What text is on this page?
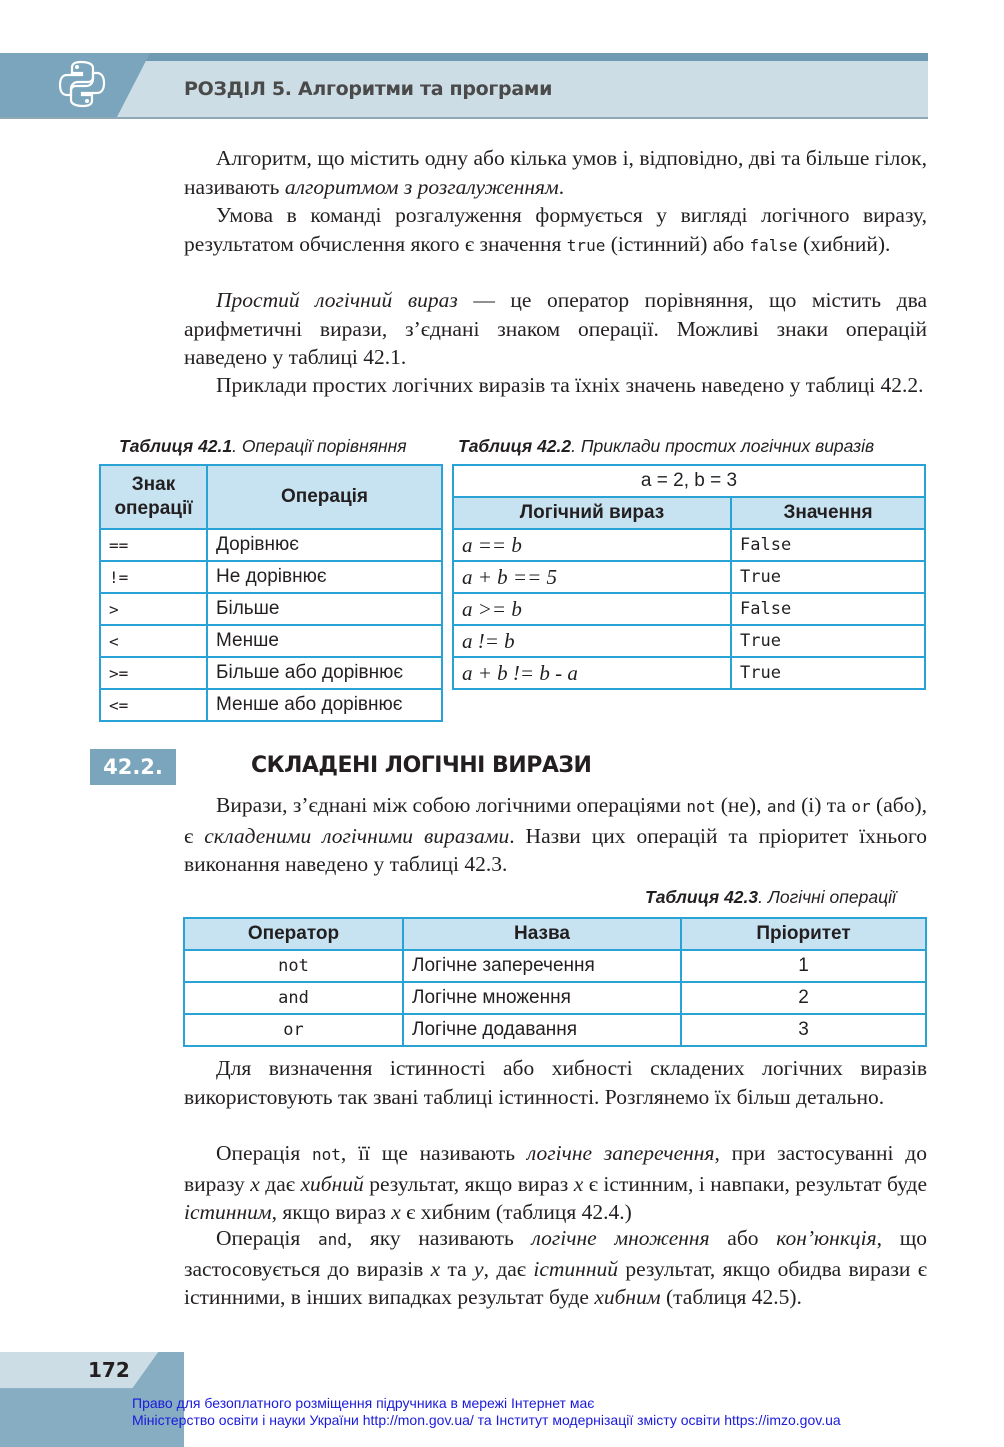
РОЗДІЛ 5. Алгоритми та програми

Алгоритм, що містить одну або кілька умов і, відповідно, дві та більше гілок, називають алгоритмом з розгалуженням.

Умова в команді розгалуження формується у вигляді логічного виразу, результатом обчислення якого є значення true (істинний) або false (хибний).

Простий логічний вираз — це оператор порівняння, що містить два арифметичні вирази, з’єднані знаком операції. Можливі знаки операцій наведено у таблиці 42.1.

Приклади простих логічних виразів та їхніх значень наведено у таблиці 42.2.

Таблиця 42.1. Операції порівняння
Знак операції	Операція
==	Дорівнює
!=	Не дорівнює
>	Більше
<	Менше
>=	Більше або дорівнює
<=	Менше або дорівнює
Таблиця 42.2. Приклади простих логічних виразів
a = 2, b = 3	
Логічний вираз	Значення
a == b	False
a + b == 5	True
a >= b	False
a != b	True
a + b != b - a	True
42.2.	СКЛАДЕНІ ЛОГІЧНІ ВИРАЗИ

Вирази, з’єднані між собою логічними операціями not (не), and (і) та or (або), є складеними логічними виразами. Назви цих операцій та пріоритет їхнього виконання наведено у таблиці 42.3.

Таблиця 42.3. Логічні операції
Оператор	Назва	Пріоритет
not	Логічне заперечення	1
and	Логічне множення	2
or	Логічне додавання	3

Для визначення істинності або хибності складених логічних виразів використовують так звані таблиці істинності. Розглянемо їх більш детально.

Операція not, її ще називають логічне заперечення, при застосуванні до виразу x дає хибний результат, якщо вираз x є істинним, і навпаки, результат буде істинним, якщо вираз x є хибним (таблиця 42.4.)

Операція and, яку називають логічне множення або кон’юнкція, що застосовується до виразів x та y, дає істинний результат, якщо обидва вирази є істинними, в інших випадках результат буде хибним (таблиця 42.5).

172
Право для безоплатного розміщення підручника в мережі Інтернет має
Міністерство освіти і науки України http://mon.gov.ua/ та Інститут модернізації змісту освіти https://imzo.gov.ua
